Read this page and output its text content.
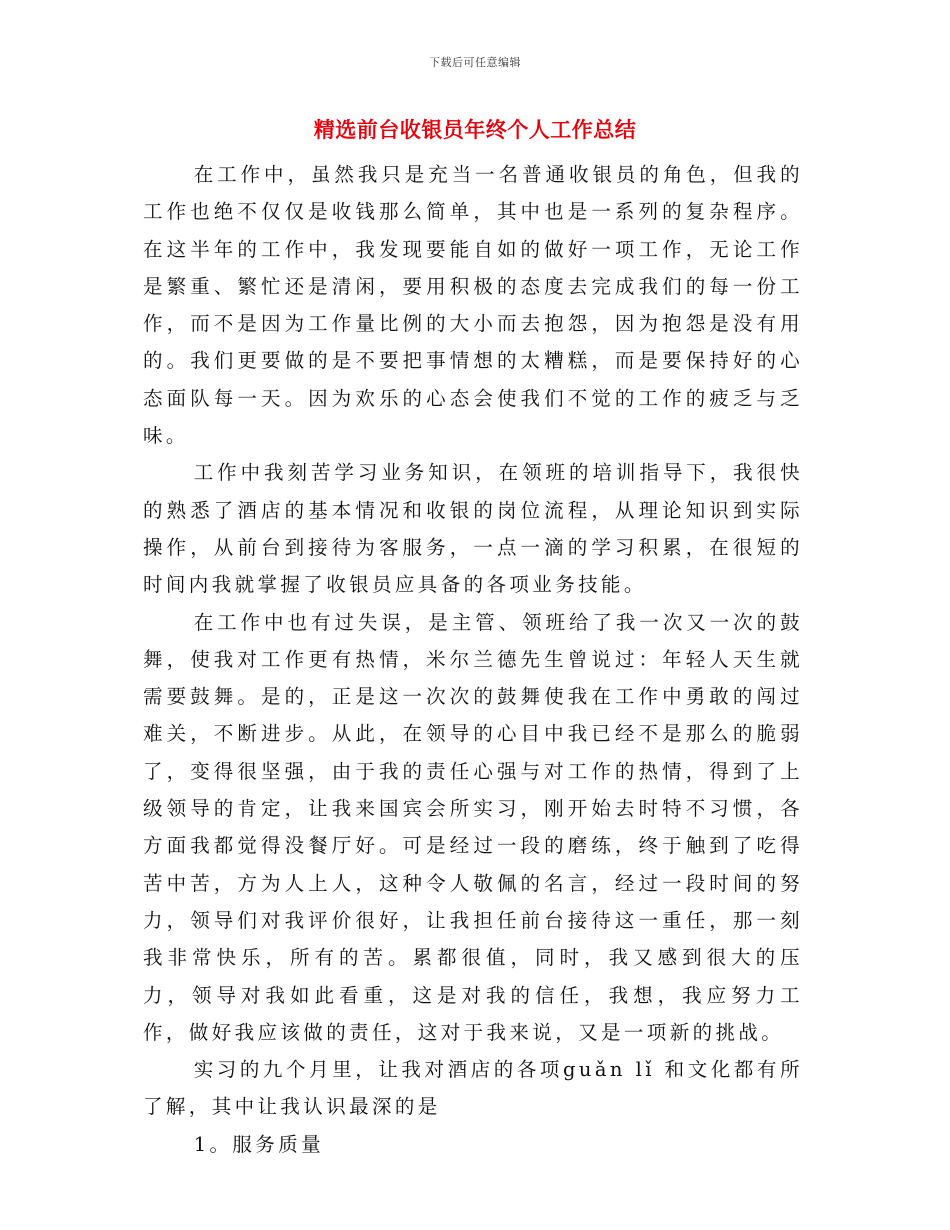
下载后可任意编辑
精选前台收银员年终个人工作总结

在工作中，虽然我只是充当一名普通收银员的角色，但我的工作也绝不仅仅是收钱那么简单，其中也是一系列的复杂程序。在这半年的工作中，我发现要能自如的做好一项工作，无论工作是繁重、繁忙还是清闲，要用积极的态度去完成我们的每一份工作，而不是因为工作量比例的大小而去抱怨，因为抱怨是没有用的。我们更要做的是不要把事情想的太糟糕，而是要保持好的心态面队每一天。因为欢乐的心态会使我们不觉的工作的疲乏与乏味。

工作中我刻苦学习业务知识，在领班的培训指导下，我很快的熟悉了酒店的基本情况和收银的岗位流程，从理论知识到实际操作，从前台到接待为客服务，一点一滴的学习积累，在很短的时间内我就掌握了收银员应具备的各项业务技能。

在工作中也有过失误，是主管、领班给了我一次又一次的鼓舞，使我对工作更有热情，米尔兰德先生曾说过：年轻人天生就需要鼓舞。是的，正是这一次次的鼓舞使我在工作中勇敢的闯过难关，不断进步。从此，在领导的心目中我已经不是那么的脆弱了，变得很坚强，由于我的责任心强与对工作的热情，得到了上级领导的肯定，让我来国宾会所实习，刚开始去时特不习惯，各方面我都觉得没餐厅好。可是经过一段的磨练，终于触到了吃得苦中苦，方为人上人，这种令人敬佩的名言，经过一段时间的努力，领导们对我评价很好，让我担任前台接待这一重任，那一刻我非常快乐，所有的苦。累都很值，同时，我又感到很大的压力，领导对我如此看重，这是对我的信任，我想，我应努力工作，做好我应该做的责任，这对于我来说，又是一项新的挑战。

实习的九个月里，让我对酒店的各项guǎn lǐ 和文化都有所了解，其中让我认识最深的是

1。服务质量
